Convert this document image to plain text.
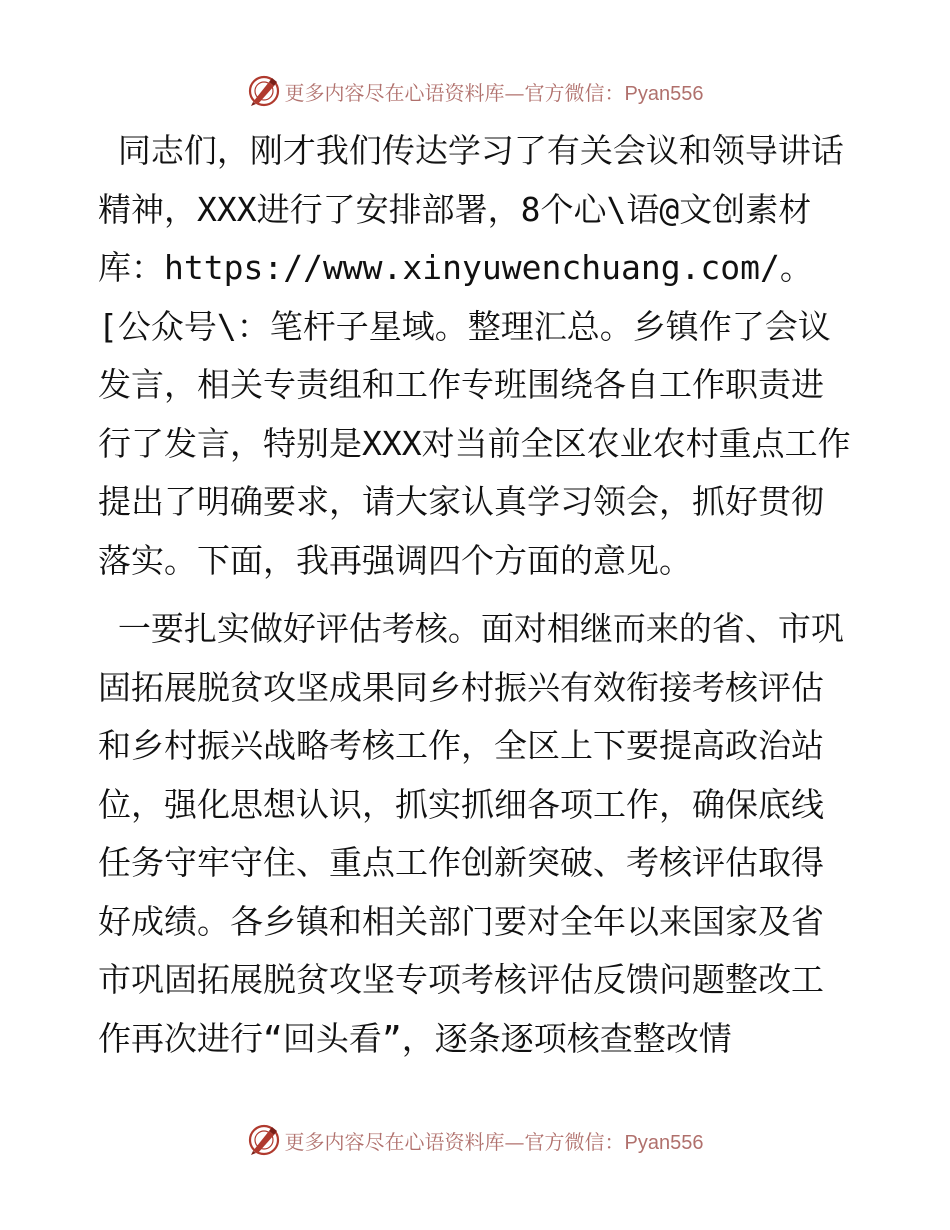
更多内容尽在心语资料库—官方微信：Pyan556

同志们，刚才我们传达学习了有关会议和领导讲话精神，XXX进行了安排部署，8个心\语@文创素材库：https://www.xinyuwenchuang.com/。[公众号\：笔杆子星域。整理汇总。乡镇作了会议发言，相关专责组和工作专班围绕各自工作职责进行了发言，特别是XXX对当前全区农业农村重点工作提出了明确要求，请大家认真学习领会，抓好贯彻落实。下面，我再强调四个方面的意见。

一要扎实做好评估考核。面对相继而来的省、市巩固拓展脱贫攻坚成果同乡村振兴有效衔接考核评估和乡村振兴战略考核工作，全区上下要提高政治站位，强化思想认识，抓实抓细各项工作，确保底线任务守牢守住、重点工作创新突破、考核评估取得好成绩。各乡镇和相关部门要对全年以来国家及省市巩固拓展脱贫攻坚专项考核评估反馈问题整改工作再次进行“回头看”，逐条逐项核查整改情

更多内容尽在心语资料库—官方微信：Pyan556
